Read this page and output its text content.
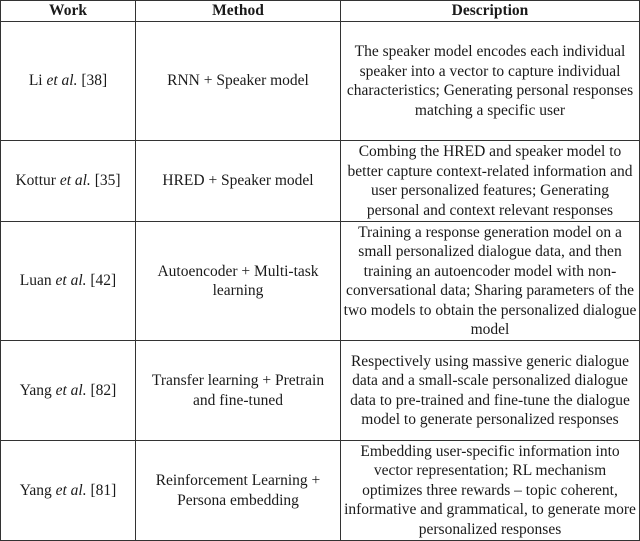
Work	Method	Description
Li et al. [38]	RNN + Speaker model	The speaker model encodes each individual speaker into a vector to capture individual characteristics; Generating personal responses matching a specific user
Kottur et al. [35]	HRED + Speaker model	Combing the HRED and speaker model to better capture context-related information and user personalized features; Generating personal and context relevant responses
Luan et al. [42]	Autoencoder + Multi-task learning	Training a response generation model on a small personalized dialogue data, and then training an autoencoder model with non-conversational data; Sharing parameters of the two models to obtain the personalized dialogue model
Yang et al. [82]	Transfer learning + Pretrain and fine-tuned	Respectively using massive generic dialogue data and a small-scale personalized dialogue data to pre-trained and fine-tune the dialogue model to generate personalized responses
Yang et al. [81]	Reinforcement Learning + Persona embedding	Embedding user-specific information into vector representation; RL mechanism optimizes three rewards – topic coherent, informative and grammatical, to generate more personalized responses
